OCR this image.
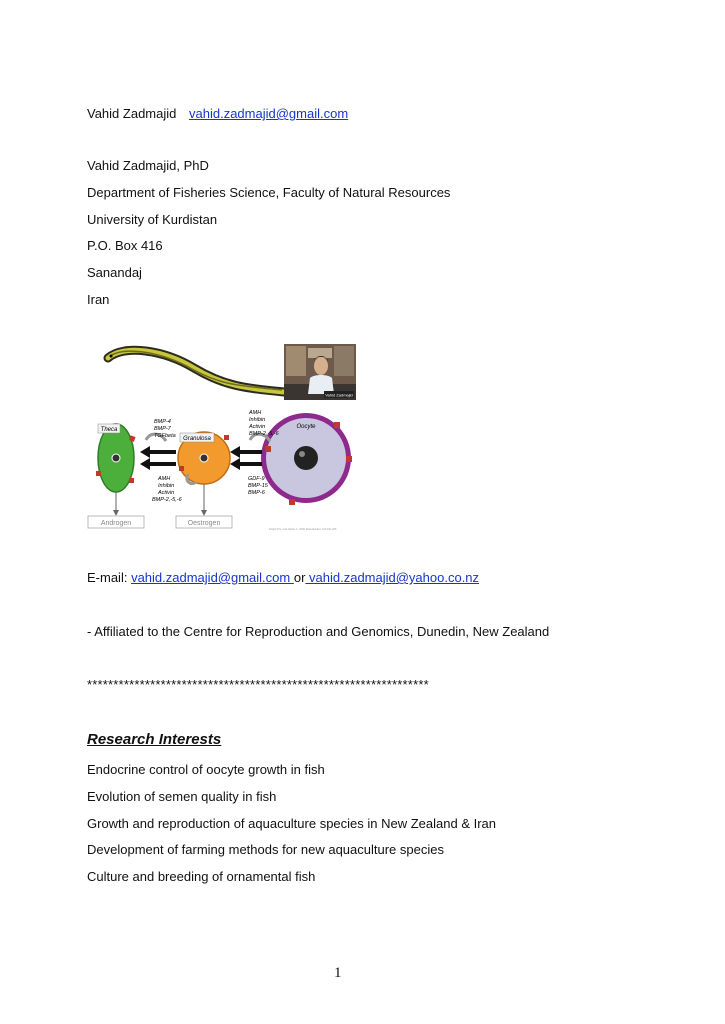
Vahid Zadmajid vahid.zadmajid@gmail.com
Vahid Zadmajid, PhD
Department of Fisheries Science, Faculty of Natural Resources
University of Kurdistan
P.O. Box 416
Sanandaj
Iran
Theca
Granulosa
Oocyte
BMP-4
BMP-7
TGFbeta
AMH
Inhibin
Activin
BMP-2,-5,-6
AMH
Inhibin
Activin
BMP-2,-5,-6
GDF-9
BMP-15
BMP-6
Androgen	Oestrogen
Knight P.G. and Glister C. 2006 Reproduction 132:191-206
Vahid Zadmajid
E-mail: vahid.zadmajid@gmail.com or vahid.zadmajid@yahoo.co.nz
- Affiliated to the Centre for Reproduction and Genomics, Dunedin, New Zealand
*****************************************************************
Research Interests
Endocrine control of oocyte growth in fish
Evolution of semen quality in fish
Growth and reproduction of aquaculture species in New Zealand & Iran
Development of farming methods for new aquaculture species
Culture and breeding of ornamental fish
1
